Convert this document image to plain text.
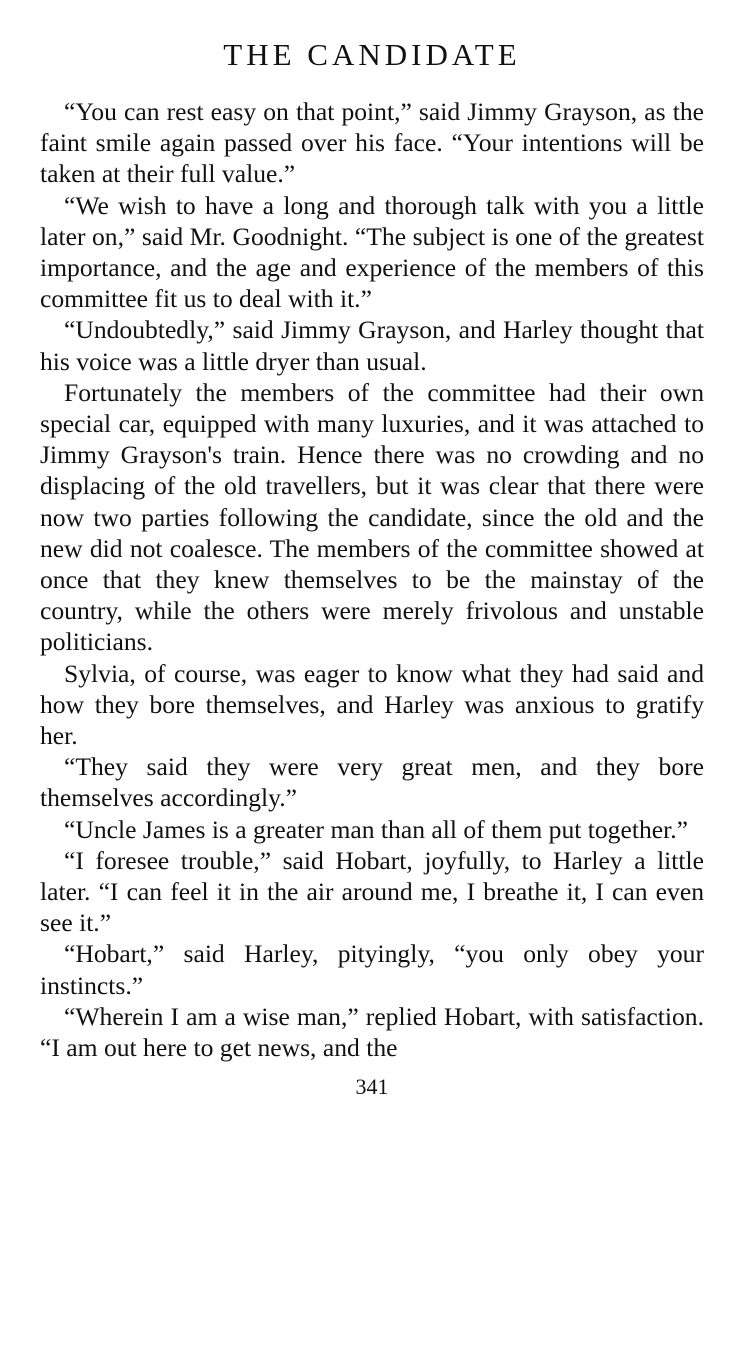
THE CANDIDATE

“You can rest easy on that point,” said Jimmy Grayson, as the faint smile again passed over his face. “Your intentions will be taken at their full value.”

“We wish to have a long and thorough talk with you a little later on,” said Mr. Goodnight. “The subject is one of the greatest importance, and the age and experience of the members of this committee fit us to deal with it.”

“Undoubtedly,” said Jimmy Grayson, and Harley thought that his voice was a little dryer than usual.

Fortunately the members of the committee had their own special car, equipped with many luxuries, and it was attached to Jimmy Grayson's train. Hence there was no crowding and no displacing of the old travellers, but it was clear that there were now two parties following the candidate, since the old and the new did not coalesce. The members of the committee showed at once that they knew themselves to be the mainstay of the country, while the others were merely frivolous and unstable politicians.

Sylvia, of course, was eager to know what they had said and how they bore themselves, and Harley was anxious to gratify her.

“They said they were very great men, and they bore themselves accordingly.”

“Uncle James is a greater man than all of them put together.”

“I foresee trouble,” said Hobart, joyfully, to Harley a little later. “I can feel it in the air around me, I breathe it, I can even see it.”

“Hobart,” said Harley, pityingly, “you only obey your instincts.”

“Wherein I am a wise man,” replied Hobart, with satisfaction. “I am out here to get news, and the

341
